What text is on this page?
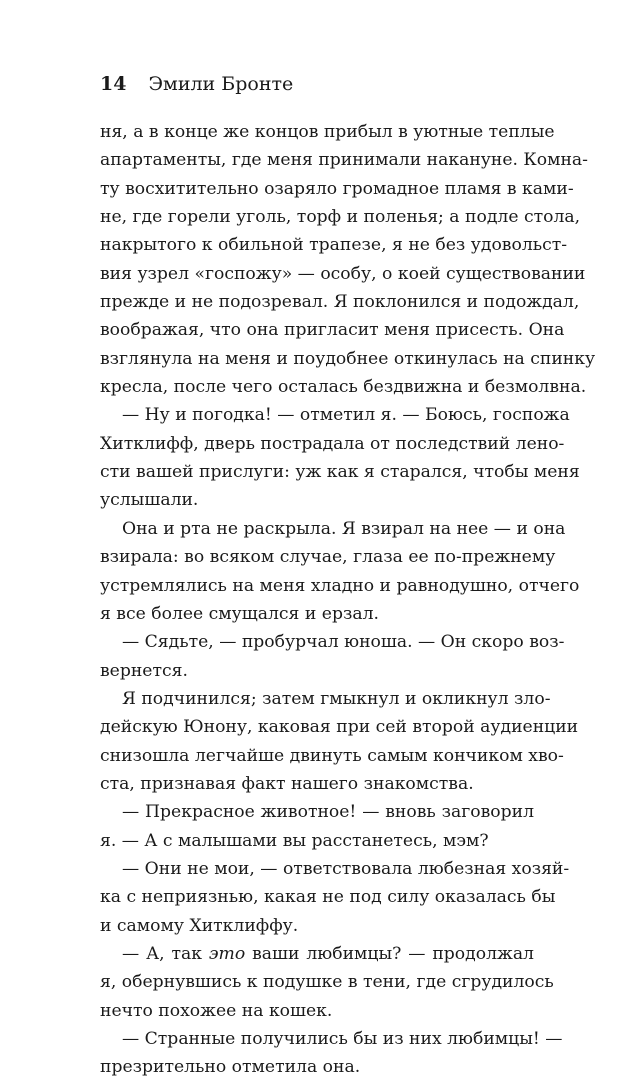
14 Эмили Бронте
ня, а в конце же концов прибыл в уютные теплые
апартаменты, где меня принимали накануне. Комна-
ту восхитительно озаряло громадное пламя в ками-
не, где горели уголь, торф и поленья; а подле стола,
накрытого к обильной трапезе, я не без удовольст-
вия узрел «госпожу» — особу, о коей существовании
прежде и не подозревал. Я поклонился и подождал,
воображая, что она пригласит меня присесть. Она
взглянула на меня и поудобнее откинулась на спинку
кресла, после чего осталась бездвижна и безмолвна.
— Ну и погодка! — отметил я. — Боюсь, госпожа
Хитклифф, дверь пострадала от последствий лено-
сти вашей прислуги: уж как я старался, чтобы меня
услышали.
Она и рта не раскрыла. Я взирал на нее — и она
взирала: во всяком случае, глаза ее по-прежнему
устремлялись на меня хладно и равнодушно, отчего
я все более смущался и ерзал.
— Сядьте, — пробурчал юноша. — Он скоро воз-
вернется.
Я подчинился; затем гмыкнул и окликнул зло-
дейскую Юнону, каковая при сей второй аудиенции
снизошла легчайше двинуть самым кончиком хво-
ста, признавая факт нашего знакомства.
— Прекрасное животное! — вновь заговорил
я. — А с малышами вы расстанетесь, мэм?
— Они не мои, — ответствовала любезная хозяй-
ка с неприязнью, какая не под силу оказалась бы
и самому Хитклиффу.
— А, так это ваши любимцы? — продолжал
я, обернувшись к подушке в тени, где сгрудилось
нечто похожее на кошек.
— Странные получились бы из них любимцы! —
презрительно отметила она.
